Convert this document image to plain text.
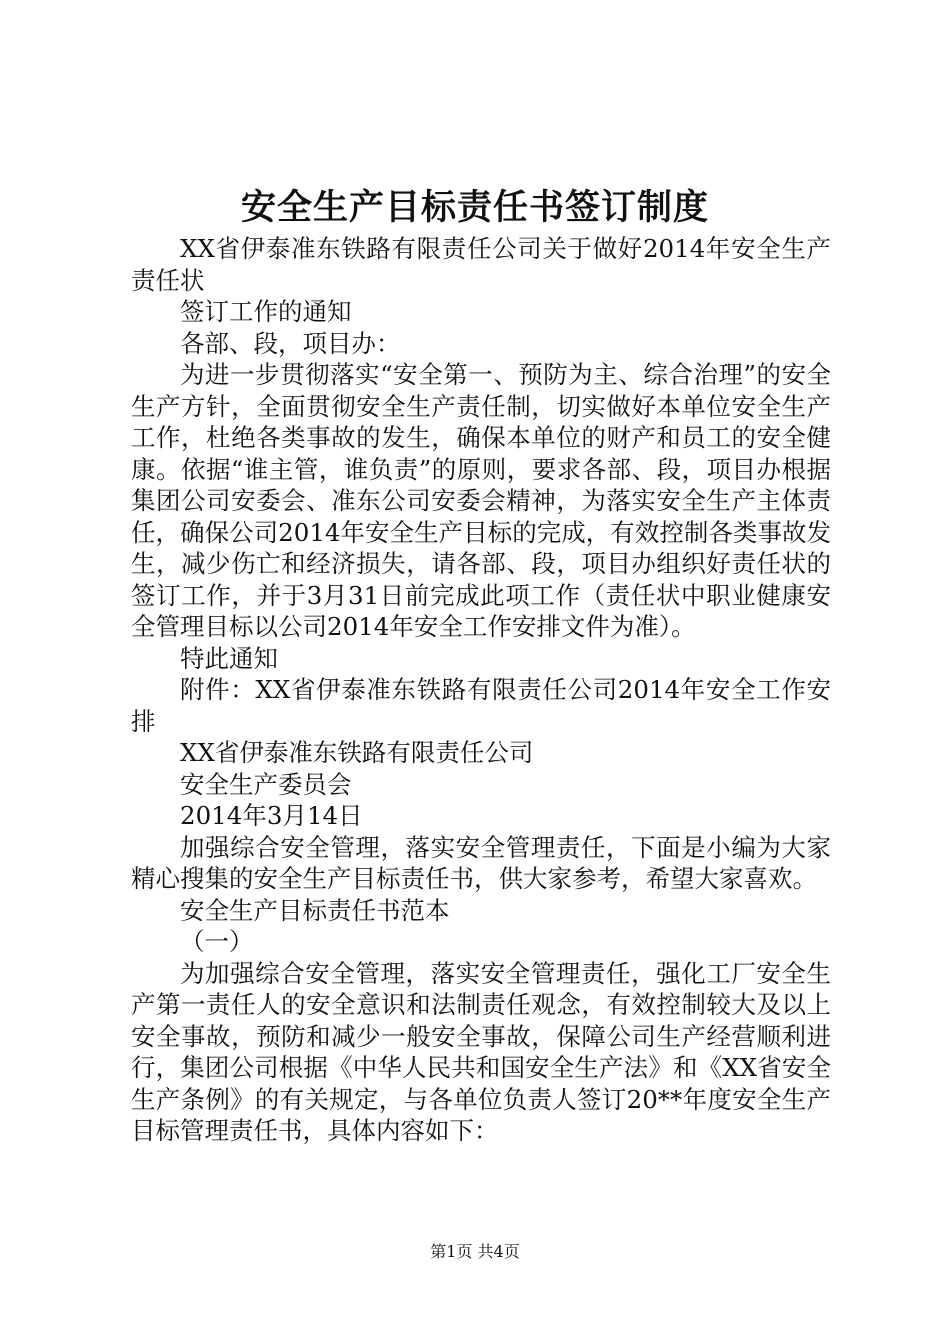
安全生产目标责任书签订制度

XX省伊泰准东铁路有限责任公司关于做好2014年安全生产责任状

签订工作的通知

各部、段，项目办：

为进一步贯彻落实“安全第一、预防为主、综合治理”的安全生产方针，全面贯彻安全生产责任制，切实做好本单位安全生产工作，杜绝各类事故的发生，确保本单位的财产和员工的安全健康。依据“谁主管，谁负责”的原则，要求各部、段，项目办根据集团公司安委会、准东公司安委会精神，为落实安全生产主体责任，确保公司2014年安全生产目标的完成，有效控制各类事故发生，减少伤亡和经济损失，请各部、段，项目办组织好责任状的签订工作，并于3月31日前完成此项工作（责任状中职业健康安全管理目标以公司2014年安全工作安排文件为准）。

特此通知

附件：XX省伊泰准东铁路有限责任公司2014年安全工作安排

XX省伊泰准东铁路有限责任公司

安全生产委员会

2014年3月14日

加强综合安全管理，落实安全管理责任，下面是小编为大家精心搜集的安全生产目标责任书，供大家参考，希望大家喜欢。

安全生产目标责任书范本

（一）

为加强综合安全管理，落实安全管理责任，强化工厂安全生产第一责任人的安全意识和法制责任观念，有效控制较大及以上安全事故，预防和减少一般安全事故，保障公司生产经营顺利进行，集团公司根据《中华人民共和国安全生产法》和《XX省安全生产条例》的有关规定，与各单位负责人签订20**年度安全生产目标管理责任书，具体内容如下：

第1页 共4页
